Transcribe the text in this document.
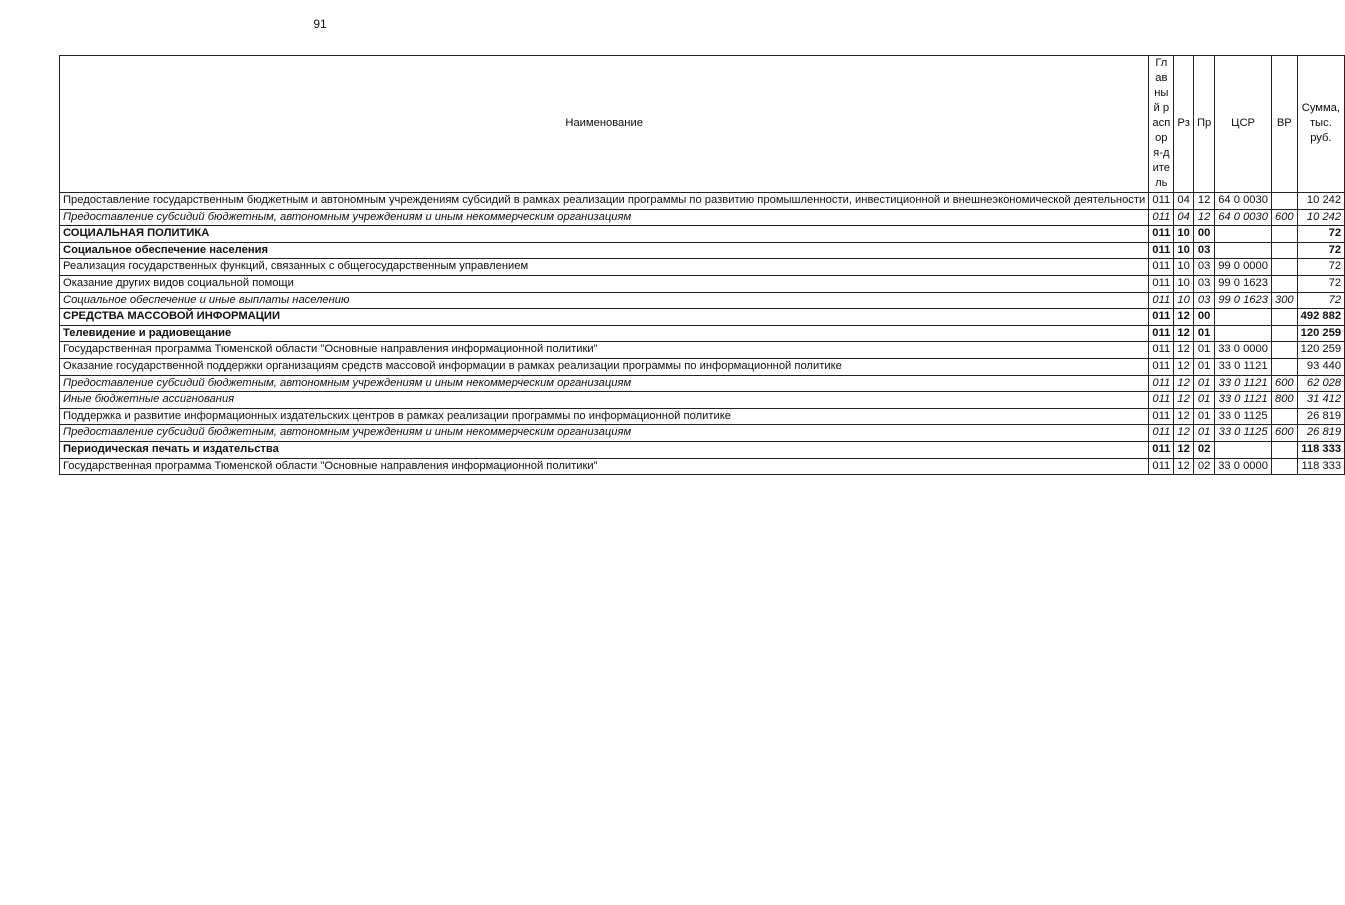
91
Наименование	Главный распоря-дитель	Рз	Пр	ЦСР	ВР	Сумма, тыс. руб.
Предоставление государственным бюджетным и автономным учреждениям субсидий в рамках реализации программы по развитию промышленности, инвестиционной и внешнеэкономической деятельности	011	04	12	64 0 0030		10 242
Предоставление субсидий бюджетным, автономным учреждениям и иным некоммерческим организациям	011	04	12	64 0 0030	600	10 242
СОЦИАЛЬНАЯ ПОЛИТИКА	011	10	00			72
Социальное обеспечение населения	011	10	03			72
Реализация государственных функций, связанных с общегосударственным управлением	011	10	03	99 0 0000		72
Оказание других видов социальной помощи	011	10	03	99 0 1623		72
Социальное обеспечение и иные выплаты населению	011	10	03	99 0 1623	300	72
СРЕДСТВА МАССОВОЙ ИНФОРМАЦИИ	011	12	00			492 882
Телевидение и радиовещание	011	12	01			120 259
Государственная программа Тюменской области "Основные направления информационной политики"	011	12	01	33 0 0000		120 259
Оказание государственной поддержки организациям средств массовой информации в рамках реализации программы по информационной политике	011	12	01	33 0 1121		93 440
Предоставление субсидий бюджетным, автономным учреждениям и иным некоммерческим организациям	011	12	01	33 0 1121	600	62 028
Иные бюджетные ассигнования	011	12	01	33 0 1121	800	31 412
Поддержка и развитие информационных издательских центров в рамках реализации программы по информационной политике	011	12	01	33 0 1125		26 819
Предоставление субсидий бюджетным, автономным учреждениям и иным некоммерческим организациям	011	12	01	33 0 1125	600	26 819
Периодическая печать и издательства	011	12	02			118 333
Государственная программа Тюменской области "Основные направления информационной политики"	011	12	02	33 0 0000		118 333
